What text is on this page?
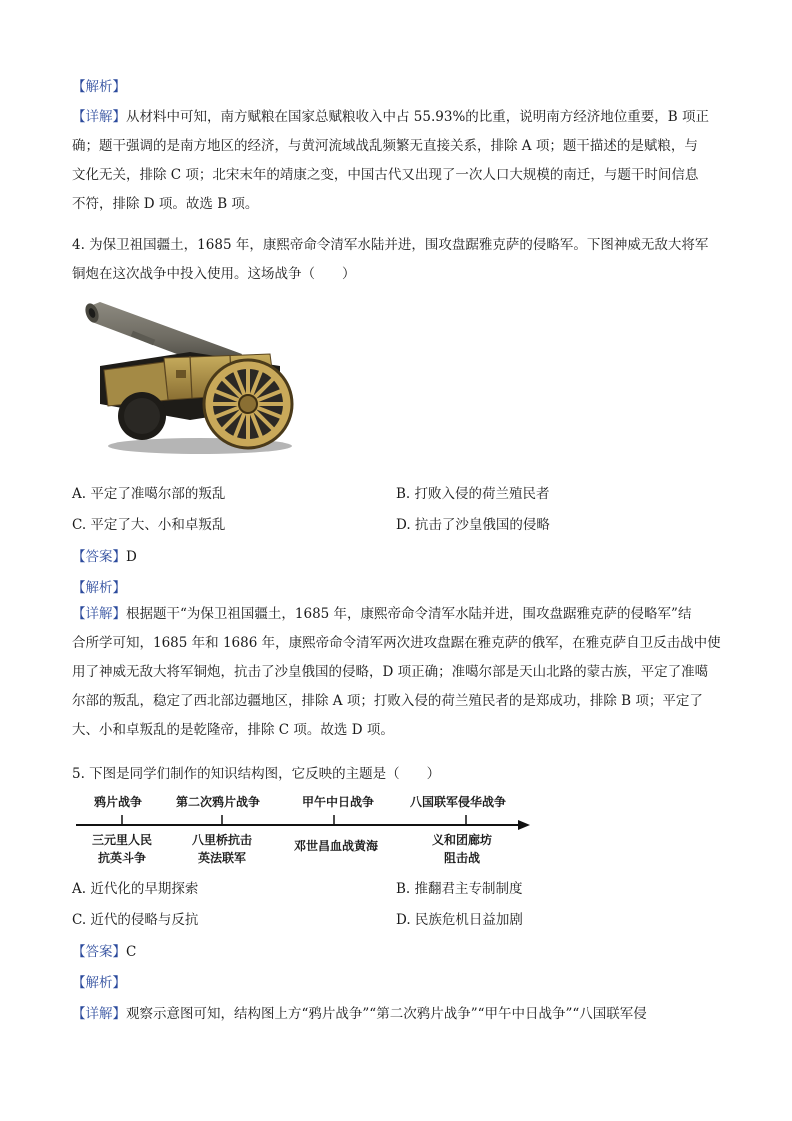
【解析】
【详解】从材料中可知，南方赋粮在国家总赋粮收入中占 55.93%的比重，说明南方经济地位重要，B 项正
确；题干强调的是南方地区的经济，与黄河流域战乱频繁无直接关系，排除 A 项；题干描述的是赋粮，与
文化无关，排除 C 项；北宋末年的靖康之变，中国古代又出现了一次人口大规模的南迁，与题干时间信息
不符，排除 D 项。故选 B 项。
4. 为保卫祖国疆土，1685 年，康熙帝命令清军水陆并进，围攻盘踞雅克萨的侵略军。下图神威无敌大将军
铜炮在这次战争中投入使用。这场战争（　　）
A. 平定了准噶尔部的叛乱	B. 打败入侵的荷兰殖民者
C. 平定了大、小和卓叛乱	D. 抗击了沙皇俄国的侵略
【答案】D
【解析】
【详解】根据题干“为保卫祖国疆土，1685 年，康熙帝命令清军水陆并进，围攻盘踞雅克萨的侵略军”结
合所学可知，1685 年和 1686 年，康熙帝命令清军两次进攻盘踞在雅克萨的俄军，在雅克萨自卫反击战中使
用了神威无敌大将军铜炮，抗击了沙皇俄国的侵略，D 项正确；准噶尔部是天山北路的蒙古族，平定了准噶
尔部的叛乱，稳定了西北部边疆地区，排除 A 项；打败入侵的荷兰殖民者的是郑成功，排除 B 项；平定了
大、小和卓叛乱的是乾隆帝，排除 C 项。故选 D 项。
5. 下图是同学们制作的知识结构图，它反映的主题是（　　）
鸦片战争	第二次鸦片战争	甲午中日战争	八国联军侵华战争
三元里人民
抗英斗争
八里桥抗击
英法联军
邓世昌血战黄海	义和团廊坊
阻击战
A. 近代化的早期探索	B. 推翻君主专制制度
C. 近代的侵略与反抗	D. 民族危机日益加剧
【答案】C
【解析】
【详解】观察示意图可知，结构图上方“鸦片战争”“第二次鸦片战争”“甲午中日战争”“八国联军侵
